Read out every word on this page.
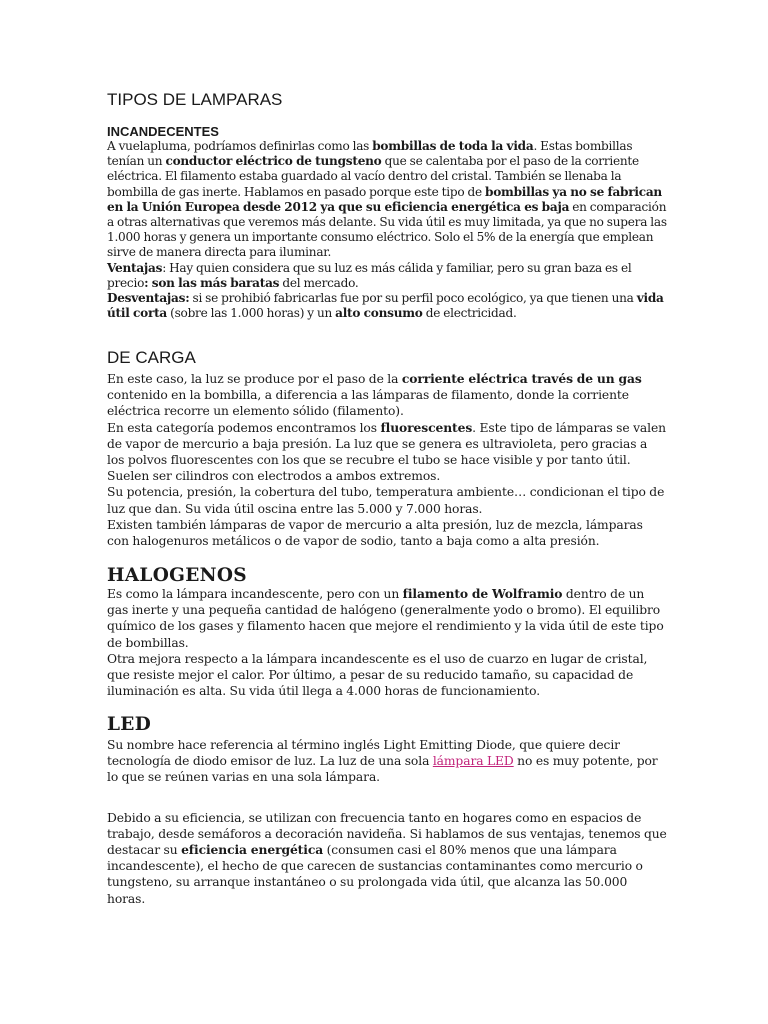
TIPOS DE LAMPARAS
INCANDECENTES

A vuelapluma, podríamos definirlas como las bombillas de toda la vida. Estas bombillas tenían un conductor eléctrico de tungsteno que se calentaba por el paso de la corriente eléctrica. El filamento estaba guardado al vacío dentro del cristal. También se llenaba la bombilla de gas inerte. Hablamos en pasado porque este tipo de bombillas ya no se fabrican en la Unión Europea desde 2012 ya que su eficiencia energética es baja en comparación a otras alternativas que veremos más delante. Su vida útil es muy limitada, ya que no supera las 1.000 horas y genera un importante consumo eléctrico. Solo el 5% de la energía que emplean sirve de manera directa para iluminar.

Ventajas: Hay quien considera que su luz es más cálida y familiar, pero su gran baza es el precio: son las más baratas del mercado.

Desventajas: si se prohibió fabricarlas fue por su perfil poco ecológico, ya que tienen una vida útil corta (sobre las 1.000 horas) y un alto consumo de electricidad.

DE CARGA

En este caso, la luz se produce por el paso de la corriente eléctrica través de un gas contenido en la bombilla, a diferencia a las lámparas de filamento, donde la corriente eléctrica recorre un elemento sólido (filamento).

En esta categoría podemos encontramos los fluorescentes. Este tipo de lámparas se valen de vapor de mercurio a baja presión. La luz que se genera es ultravioleta, pero gracias a los polvos fluorescentes con los que se recubre el tubo se hace visible y por tanto útil. Suelen ser cilindros con electrodos a ambos extremos.

Su potencia, presión, la cobertura del tubo, temperatura ambiente… condicionan el tipo de luz que dan. Su vida útil oscina entre las 5.000 y 7.000 horas.

Existen también lámparas de vapor de mercurio a alta presión, luz de mezcla, lámparas con halogenuros metálicos o de vapor de sodio, tanto a baja como a alta presión.

HALOGENOS

Es como la lámpara incandescente, pero con un filamento de Wolframio dentro de un gas inerte y una pequeña cantidad de halógeno (generalmente yodo o bromo). El equilibro químico de los gases y filamento hacen que mejore el rendimiento y la vida útil de este tipo de bombillas.

Otra mejora respecto a la lámpara incandescente es el uso de cuarzo en lugar de cristal, que resiste mejor el calor. Por último, a pesar de su reducido tamaño, su capacidad de iluminación es alta. Su vida útil llega a 4.000 horas de funcionamiento.

LED

Su nombre hace referencia al término inglés Light Emitting Diode, que quiere decir tecnología de diodo emisor de luz. La luz de una sola lámpara LED no es muy potente, por lo que se reúnen varias en una sola lámpara.

Debido a su eficiencia, se utilizan con frecuencia tanto en hogares como en espacios de trabajo, desde semáforos a decoración navideña. Si hablamos de sus ventajas, tenemos que destacar su eficiencia energética (consumen casi el 80% menos que una lámpara incandescente), el hecho de que carecen de sustancias contaminantes como mercurio o tungsteno, su arranque instantáneo o su prolongada vida útil, que alcanza las 50.000 horas.
